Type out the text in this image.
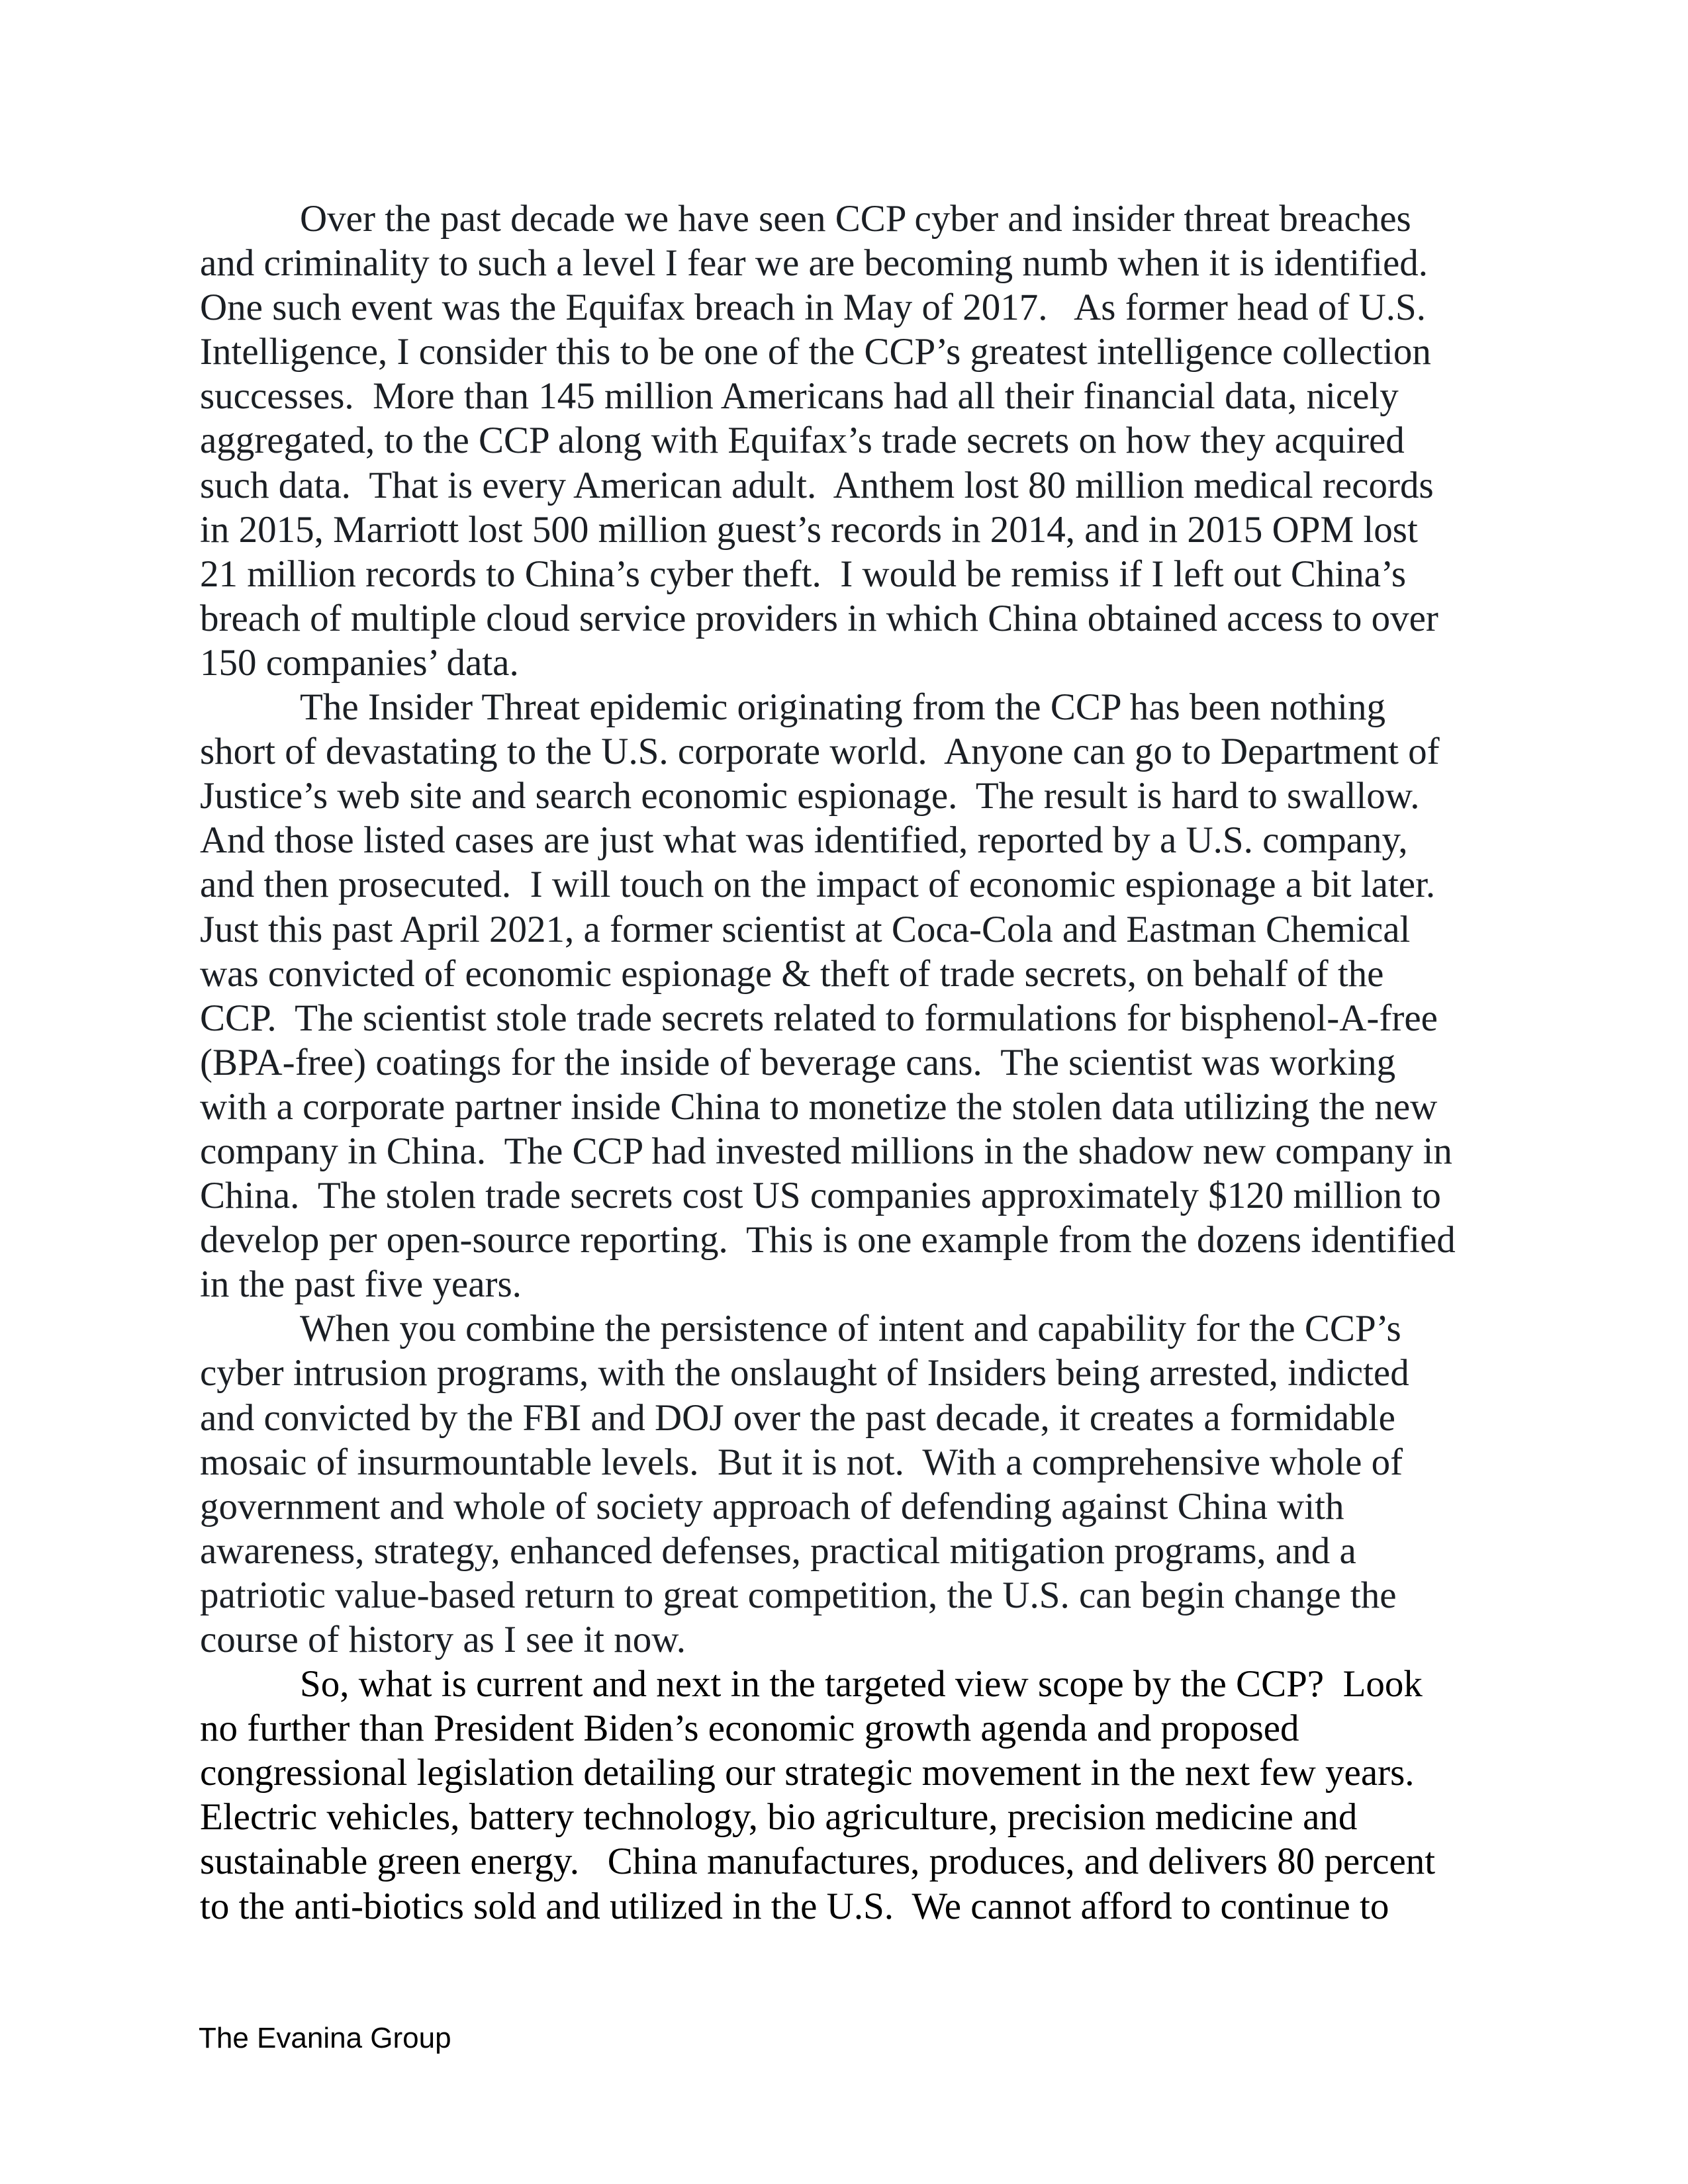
Over the past decade we have seen CCP cyber and insider threat breaches
and criminality to such a level I fear we are becoming numb when it is identified.
One such event was the Equifax breach in May of 2017.   As former head of U.S.
Intelligence, I consider this to be one of the CCP’s greatest intelligence collection
successes.  More than 145 million Americans had all their financial data, nicely
aggregated, to the CCP along with Equifax’s trade secrets on how they acquired
such data.  That is every American adult.  Anthem lost 80 million medical records
in 2015, Marriott lost 500 million guest’s records in 2014, and in 2015 OPM lost
21 million records to China’s cyber theft.  I would be remiss if I left out China’s
breach of multiple cloud service providers in which China obtained access to over
150 companies’ data.

The Insider Threat epidemic originating from the CCP has been nothing
short of devastating to the U.S. corporate world.  Anyone can go to Department of
Justice’s web site and search economic espionage.  The result is hard to swallow.
And those listed cases are just what was identified, reported by a U.S. company,
and then prosecuted.  I will touch on the impact of economic espionage a bit later.
Just this past April 2021, a former scientist at Coca-Cola and Eastman Chemical
was convicted of economic espionage & theft of trade secrets, on behalf of the
CCP.  The scientist stole trade secrets related to formulations for bisphenol-A-free
(BPA-free) coatings for the inside of beverage cans.  The scientist was working
with a corporate partner inside China to monetize the stolen data utilizing the new
company in China.  The CCP had invested millions in the shadow new company in
China.  The stolen trade secrets cost US companies approximately $120 million to
develop per open-source reporting.  This is one example from the dozens identified
in the past five years.

When you combine the persistence of intent and capability for the CCP’s
cyber intrusion programs, with the onslaught of Insiders being arrested, indicted
and convicted by the FBI and DOJ over the past decade, it creates a formidable
mosaic of insurmountable levels.  But it is not.  With a comprehensive whole of
government and whole of society approach of defending against China with
awareness, strategy, enhanced defenses, practical mitigation programs, and a
patriotic value-based return to great competition, the U.S. can begin change the
course of history as I see it now.

So, what is current and next in the targeted view scope by the CCP?  Look
no further than President Biden’s economic growth agenda and proposed
congressional legislation detailing our strategic movement in the next few years.
Electric vehicles, battery technology, bio agriculture, precision medicine and
sustainable green energy.   China manufactures, produces, and delivers 80 percent
to the anti-biotics sold and utilized in the U.S.  We cannot afford to continue to

The Evanina Group
